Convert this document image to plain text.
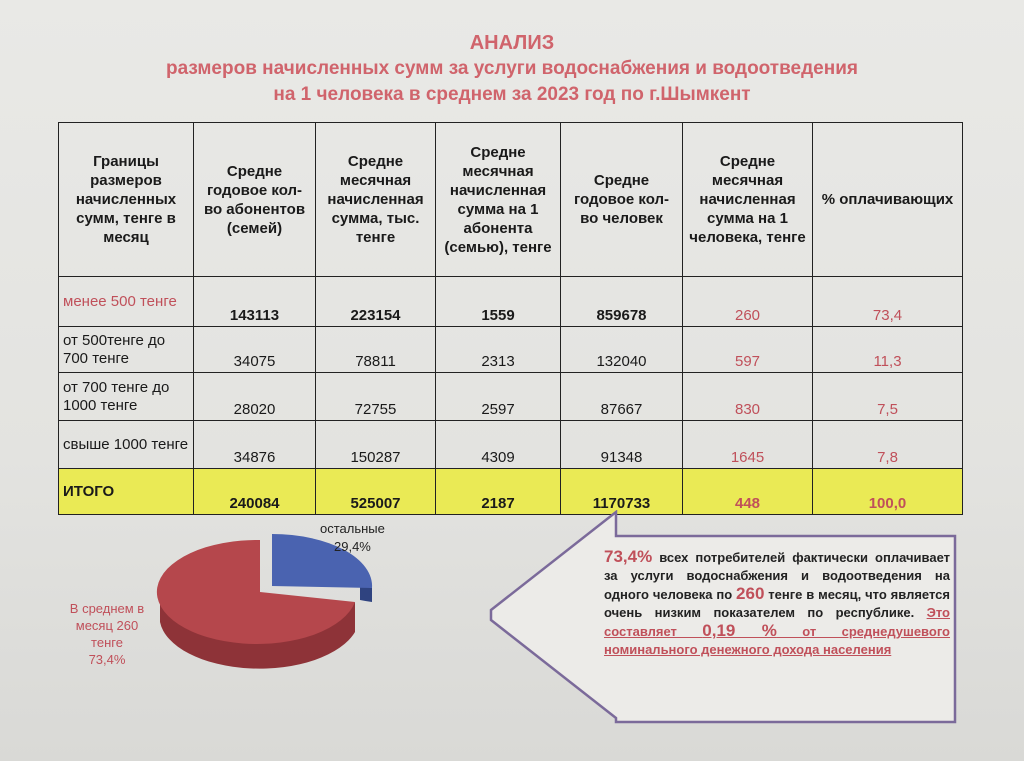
АНАЛИЗ
размеров начисленных сумм за услуги водоснабжения и водоотведения
на 1 человека в среднем за 2023 год по г.Шымкент
Границы размеров начисленных сумм, тенге в месяц	Средне годовое кол-во абонентов (семей)	Средне месячная начисленная сумма, тыс. тенге	Средне месячная начисленная сумма на 1 абонента (семью), тенге	Средне годовое кол-во человек	Средне месячная начисленная сумма на 1 человека, тенге	% оплачивающих
менее 500 тенге	143113	223154	1559	859678	260	73,4
от 500тенге до 700 тенге	34075	78811	2313	132040	597	11,3
от 700 тенге до 1000 тенге	28020	72755	2597	87667	830	7,5
свыше 1000 тенге	34876	150287	4309	91348	1645	7,8
ИТОГО	240084	525007	2187	1170733	448	100,0
остальные
29,4%
В среднем в месяц 260 тенге
73,4%
73,4% всех потребителей фактически оплачивает за услуги водоснабжения и водоотведения на одного человека по 260 тенге в месяц, что является очень низким показателем по республике. Это составляет 0,19 % от среднедушевого номинального денежного дохода населения
